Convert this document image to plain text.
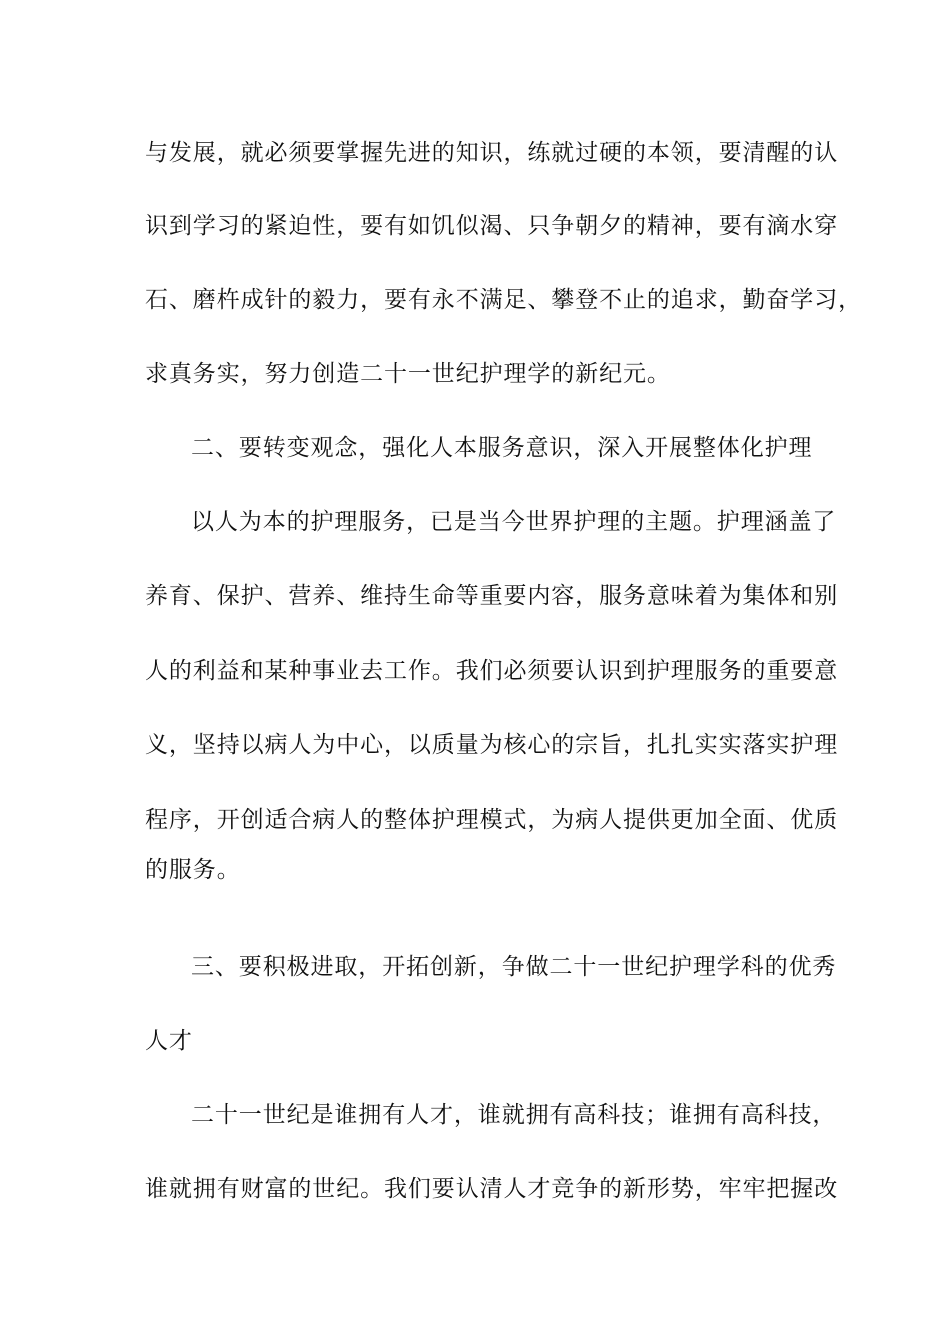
与发展，就必须要掌握先进的知识，练就过硬的本领，要清醒的认
识到学习的紧迫性，要有如饥似渴、只争朝夕的精神，要有滴水穿
石、磨杵成针的毅力，要有永不满足、攀登不止的追求，勤奋学习，
求真务实，努力创造二十一世纪护理学的新纪元。
二、要转变观念，强化人本服务意识，深入开展整体化护理
以人为本的护理服务，已是当今世界护理的主题。护理涵盖了
养育、保护、营养、维持生命等重要内容，服务意味着为集体和别
人的利益和某种事业去工作。我们必须要认识到护理服务的重要意
义，坚持以病人为中心，以质量为核心的宗旨，扎扎实实落实护理
程序，开创适合病人的整体护理模式，为病人提供更加全面、优质
的服务。
三、要积极进取，开拓创新，争做二十一世纪护理学科的优秀
人才
二十一世纪是谁拥有人才，谁就拥有高科技；谁拥有高科技，
谁就拥有财富的世纪。我们要认清人才竞争的新形势，牢牢把握改
